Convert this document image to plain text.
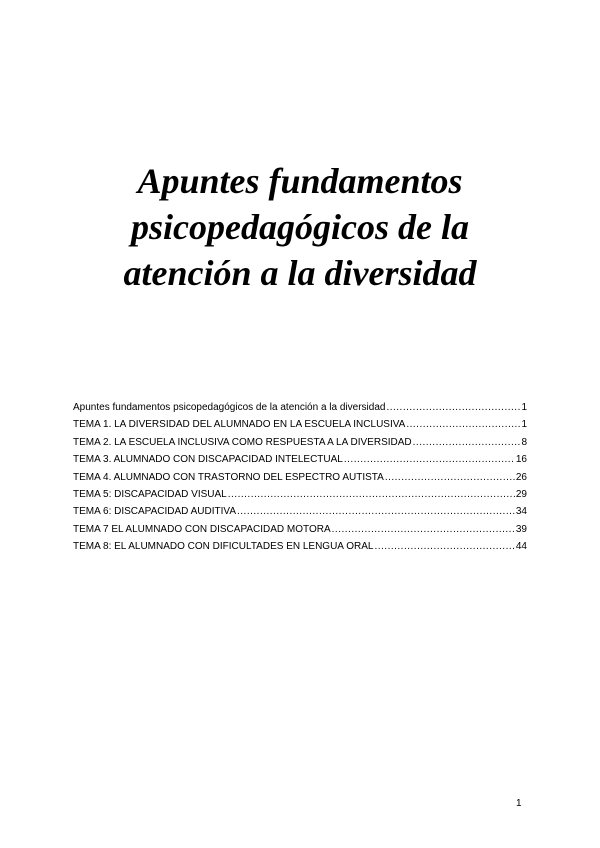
Apuntes fundamentos
psicopedagógicos de la
atención a la diversidad
Apuntes fundamentos psicopedagógicos de la atención a la diversidad .....	1
TEMA 1. LA DIVERSIDAD DEL ALUMNADO EN LA ESCUELA INCLUSIVA .....	1
TEMA 2. LA ESCUELA INCLUSIVA COMO RESPUESTA A LA DIVERSIDAD .....	8
TEMA 3. ALUMNADO CON DISCAPACIDAD INTELECTUAL .....	16
TEMA 4. ALUMNADO CON TRASTORNO DEL ESPECTRO AUTISTA .....	26
TEMA 5: DISCAPACIDAD VISUAL .....	29
TEMA 6: DISCAPACIDAD AUDITIVA .....	34
TEMA 7 EL ALUMNADO CON DISCAPACIDAD MOTORA .....	39
TEMA 8: EL ALUMNADO CON DIFICULTADES EN LENGUA ORAL .....	44
1
